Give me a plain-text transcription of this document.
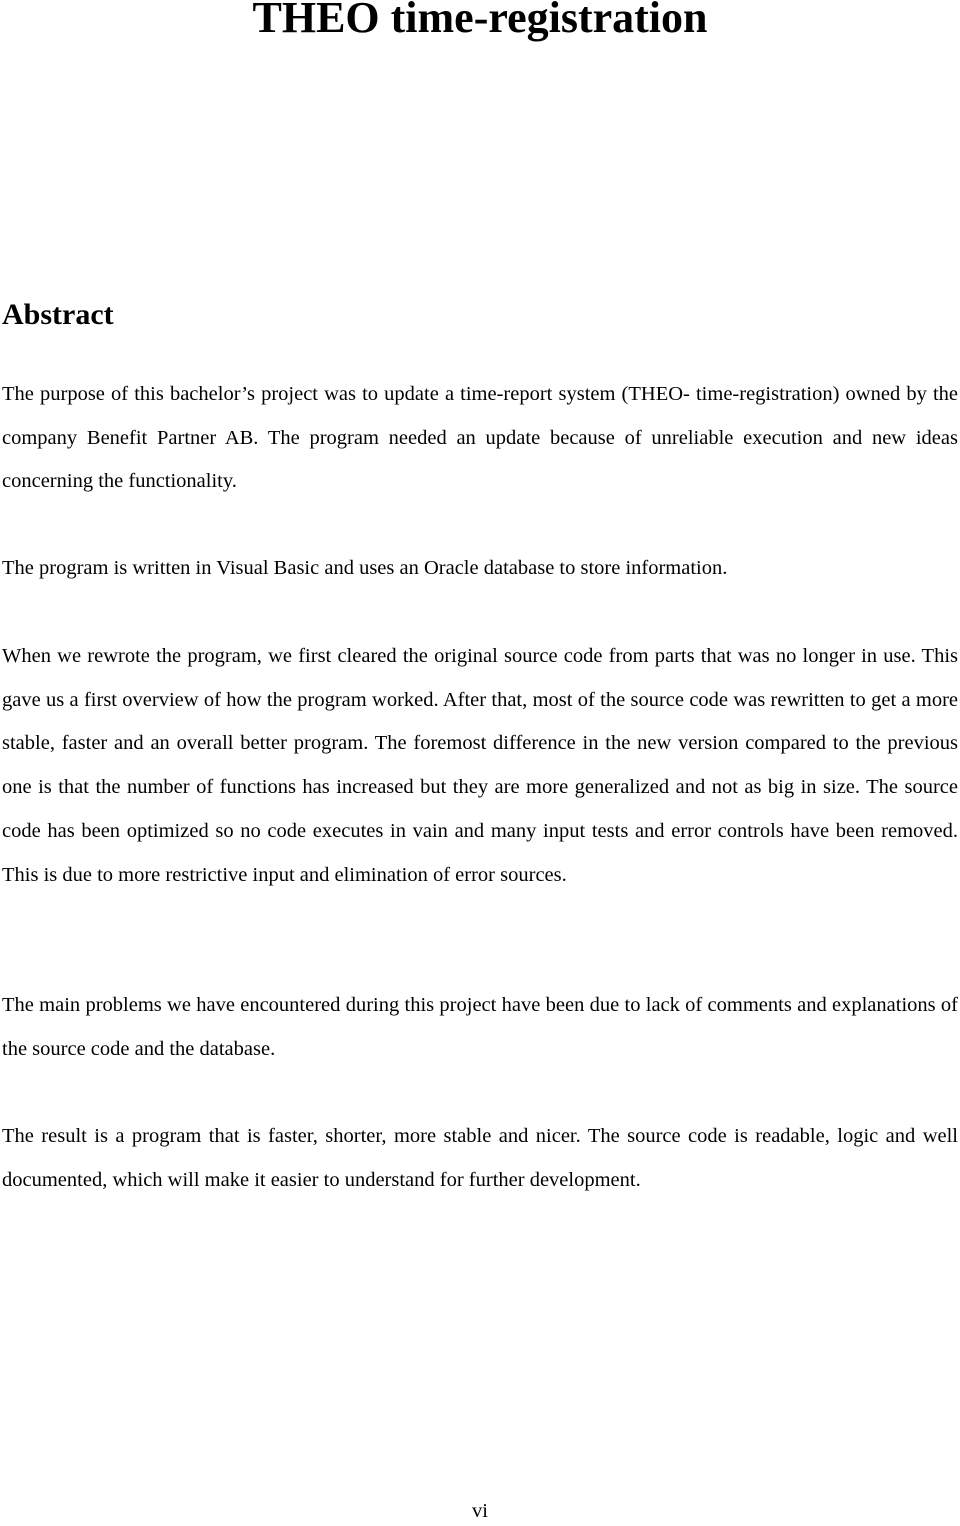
THEO time-registration
Abstract

The purpose of this bachelor’s project was to update a time-report system (THEO- time-registration) owned by the company Benefit Partner AB. The program needed an update because of unreliable execution and new ideas concerning the functionality.

The program is written in Visual Basic and uses an Oracle database to store information.

When we rewrote the program, we first cleared the original source code from parts that was no longer in use. This gave us a first overview of how the program worked. After that, most of the source code was rewritten to get a more stable, faster and an overall better program. The foremost difference in the new version compared to the previous one is that the number of functions has increased but they are more generalized and not as big in size. The source code has been optimized so no code executes in vain and many input tests and error controls have been removed. This is due to more restrictive input and elimination of error sources.

The main problems we have encountered during this project have been due to lack of comments and explanations of the source code and the database.

The result is a program that is faster, shorter, more stable and nicer. The source code is readable, logic and well documented, which will make it easier to understand for further development.

vi
